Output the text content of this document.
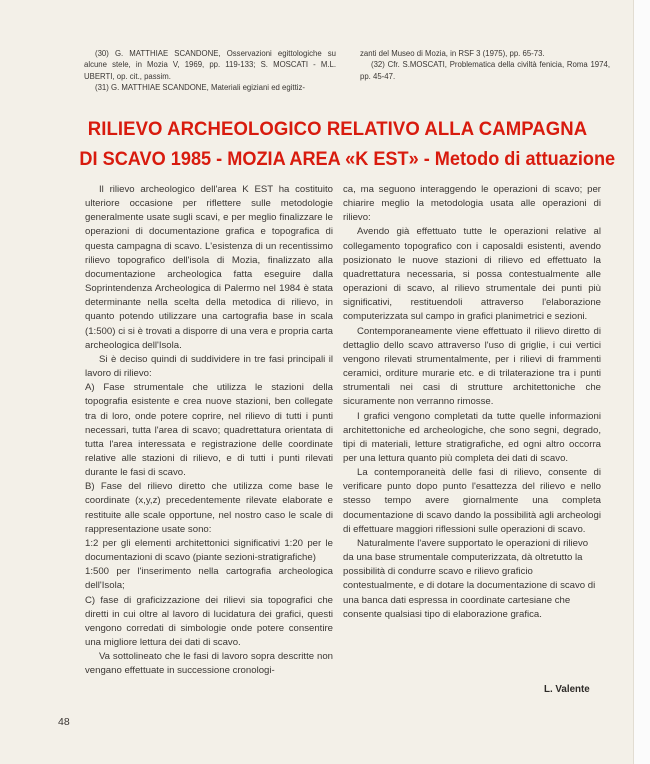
(30) G. MATTHIAE SCANDONE, Osservazioni egittologiche su alcune stele, in Mozia V, 1969, pp. 119-133; S. MOSCATI - M.L. UBERTI, op. cit., passim.

(31) G. MATTHIAE SCANDONE, Materiali egiziani ed egittiz-

zanti del Museo di Mozia, in RSF 3 (1975), pp. 65-73.

(32) Cfr. S.MOSCATI, Problematica della civiltà fenicia, Roma 1974, pp. 45-47.

RILIEVO ARCHEOLOGICO RELATIVO ALLA CAMPAGNA
DI SCAVO 1985 - MOZIA AREA «K EST» - Metodo di attuazione

Il rilievo archeologico dell'area K EST ha costituito ulteriore occasione per riflettere sulle metodologie generalmente usate sugli scavi, e per meglio finalizzare le operazioni di documentazione grafica e topografica di questa campagna di scavo. L'esistenza di un recentissimo rilievo topografico dell'isola di Mozia, finalizzato alla documentazione archeologica fatta eseguire dalla Soprintendenza Archeologica di Palermo nel 1984 è stata determinante nella scelta della metodica di rilievo, in quanto potendo utilizzare una cartografia base in scala (1:500) ci si è trovati a disporre di una vera e propria carta archeologica dell'Isola.

Si è deciso quindi di suddividere in tre fasi principali il lavoro di rilievo:

A) Fase strumentale che utilizza le stazioni della topografia esistente e crea nuove stazioni, ben collegate tra di loro, onde potere coprire, nel rilievo di tutti i punti necessari, tutta l'area di scavo; quadrettatura orientata di tutta l'area interessata e registrazione delle coordinate relative alle stazioni di rilievo, e di tutti i punti rilevati durante le fasi di scavo.

B) Fase del rilievo diretto che utilizza come base le coordinate (x,y,z) precedentemente rilevate elaborate e restituite alle scale opportune, nel nostro caso le scale di rappresentazione usate sono:

1:2 per gli elementi architettonici significativi 1:20 per le documentazioni di scavo (piante sezioni-stratigrafiche)

1:500 per l'inserimento nella cartografia archeologica dell'Isola;

C) fase di graficizzazione dei rilievi sia topografici che diretti in cui oltre al lavoro di lucidatura dei grafici, questi vengono corredati di simbologie onde potere consentire una migliore lettura dei dati di scavo.

Va sottolineato che le fasi di lavoro sopra descritte non vengano effettuate in successione cronologi-

ca, ma seguono interaggendo le operazioni di scavo; per chiarire meglio la metodologia usata alle operazioni di rilievo:

Avendo già effettuato tutte le operazioni relative al collegamento topografico con i caposaldi esistenti, avendo posizionato le nuove stazioni di rilievo ed effettuato la quadrettatura necessaria, si possa contestualmente alle operazioni di scavo, al rilievo strumentale dei punti più significativi, restituendoli attraverso l'elaborazione computerizzata sul campo in grafici planimetrici e sezioni.

Contemporaneamente viene effettuato il rilievo diretto di dettaglio dello scavo attraverso l'uso di griglie, i cui vertici vengono rilevati strumentalmente, per i rilievi di frammenti ceramici, orditure murarie etc. e di trilaterazione tra i punti strumentali nei casi di strutture architettoniche che sicuramente non verranno rimosse.

I grafici vengono completati da tutte quelle informazioni architettoniche ed archeologiche, che sono segni, degrado, tipi di materiali, letture stratigrafiche, ed ogni altro occorra per una lettura quanto più completa dei dati di scavo.

La contemporaneità delle fasi di rilievo, consente di verificare punto dopo punto l'esattezza del rilievo e nello stesso tempo avere giornalmente una completa documentazione di scavo dando la possibilità agli archeologi di effettuare maggiori riflessioni sulle operazioni di scavo.

Naturalmente l'avere supportato le operazioni di rilievo da una base strumentale computerizzata, dà oltretutto la possibilità di condurre scavo e rilievo graficio contestualmente, e di dotare la documentazione di scavo di una banca dati espressa in coordinate cartesiane che consente qualsiasi tipo di elaborazione grafica.

L. Valente
48
